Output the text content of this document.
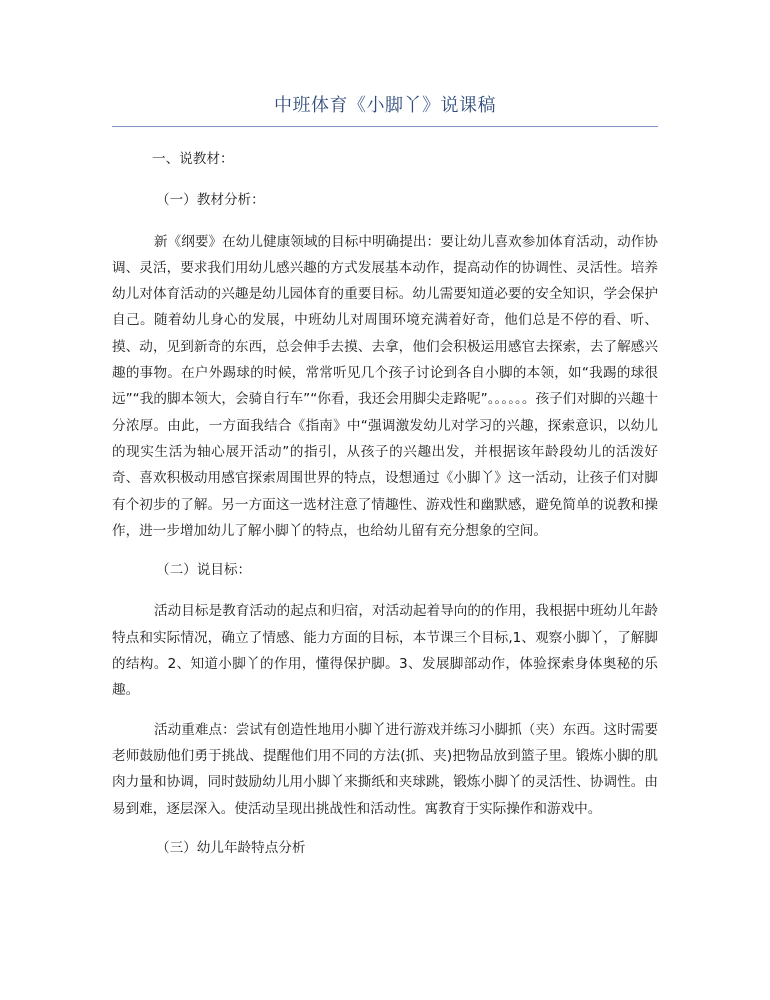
中班体育《小脚丫》说课稿
一、说教材：
（一）教材分析：
新《纲要》在幼儿健康领域的目标中明确提出：要让幼儿喜欢参加体育活动，动作协调、灵活，要求我们用幼儿感兴趣的方式发展基本动作，提高动作的协调性、灵活性。培养幼儿对体育活动的兴趣是幼儿园体育的重要目标。幼儿需要知道必要的安全知识，学会保护自己。随着幼儿身心的发展，中班幼儿对周围环境充满着好奇，他们总是不停的看、听、摸、动，见到新奇的东西，总会伸手去摸、去拿，他们会积极运用感官去探索，去了解感兴趣的事物。在户外踢球的时候，常常听见几个孩子讨论到各自小脚的本领，如“我踢的球很远”“我的脚本领大，会骑自行车”“你看，我还会用脚尖走路呢”。。。。。。孩子们对脚的兴趣十分浓厚。由此，一方面我结合《指南》中“强调激发幼儿对学习的兴趣，探索意识，以幼儿的现实生活为轴心展开活动”的指引，从孩子的兴趣出发，并根据该年龄段幼儿的活泼好奇、喜欢积极动用感官探索周围世界的特点，设想通过《小脚丫》这一活动，让孩子们对脚有个初步的了解。另一方面这一选材注意了情趣性、游戏性和幽默感，避免简单的说教和操作，进一步增加幼儿了解小脚丫的特点，也给幼儿留有充分想象的空间。
（二）说目标：
活动目标是教育活动的起点和归宿，对活动起着导向的的作用，我根据中班幼儿年龄特点和实际情况，确立了情感、能力方面的目标，本节课三个目标,1、观察小脚丫，了解脚的结构。2、知道小脚丫的作用，懂得保护脚。3、发展脚部动作，体验探索身体奥秘的乐趣。
活动重难点：尝试有创造性地用小脚丫进行游戏并练习小脚抓（夹）东西。这时需要老师鼓励他们勇于挑战、提醒他们用不同的方法(抓、夹)把物品放到篮子里。锻炼小脚的肌肉力量和协调，同时鼓励幼儿用小脚丫来撕纸和夹球跳，锻炼小脚丫的灵活性、协调性。由易到难，逐层深入。使活动呈现出挑战性和活动性。寓教育于实际操作和游戏中。
（三）幼儿年龄特点分析
